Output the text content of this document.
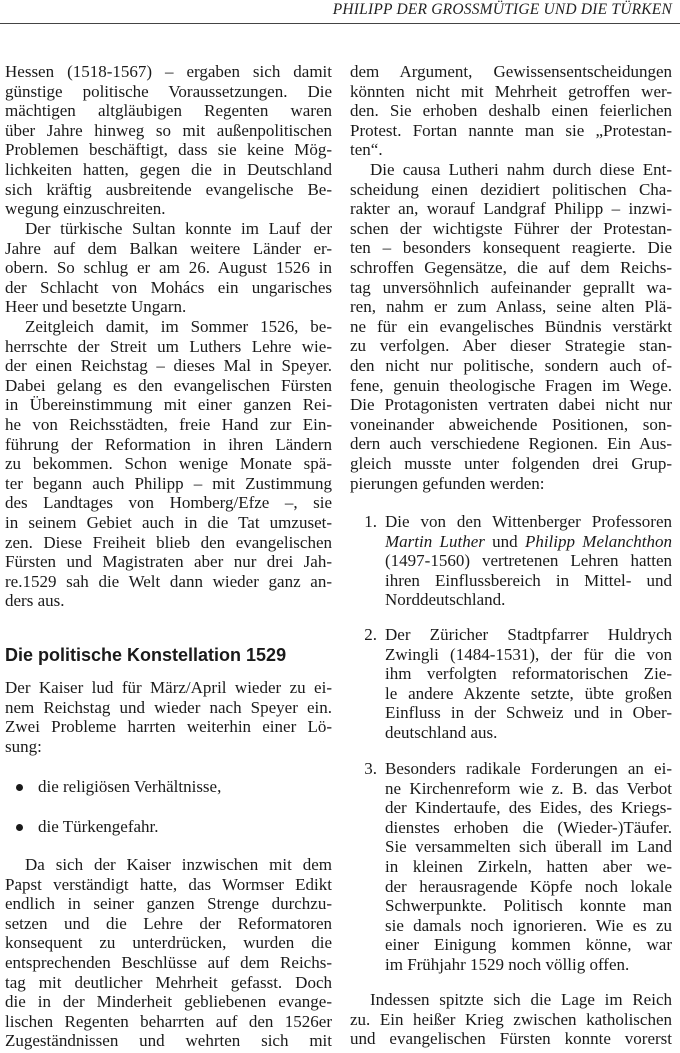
PHILIPP DER GROSSMÜTIGE UND DIE TÜRKEN
Hessen (1518-1567) – ergaben sich damit
günstige politische Voraussetzungen. Die
mächtigen altgläubigen Regenten waren
über Jahre hinweg so mit außenpolitischen
Problemen beschäftigt, dass sie keine Mög-
lichkeiten hatten, gegen die in Deutschland
sich kräftig ausbreitende evangelische Be-
wegung einzuschreiten.
Der türkische Sultan konnte im Lauf der
Jahre auf dem Balkan weitere Länder er-
obern. So schlug er am 26. August 1526 in
der Schlacht von Mohács ein ungarisches
Heer und besetzte Ungarn.
Zeitgleich damit, im Sommer 1526, be-
herrschte der Streit um Luthers Lehre wie-
der einen Reichstag – dieses Mal in Speyer.
Dabei gelang es den evangelischen Fürsten
in Übereinstimmung mit einer ganzen Rei-
he von Reichsstädten, freie Hand zur Ein-
führung der Reformation in ihren Ländern
zu bekommen. Schon wenige Monate spä-
ter begann auch Philipp – mit Zustimmung
des Landtages von Homberg/Efze –, sie
in seinem Gebiet auch in die Tat umzuset-
zen. Diese Freiheit blieb den evangelischen
Fürsten und Magistraten aber nur drei Jah-
re.1529 sah die Welt dann wieder ganz an-
ders aus.
Die politische Konstellation 1529
Der Kaiser lud für März/April wieder zu ei-
nem Reichstag und wieder nach Speyer ein.
Zwei Probleme harrten weiterhin einer Lö-
sung:
die religiösen Verhältnisse,
die Türkengefahr.
Da sich der Kaiser inzwischen mit dem
Papst verständigt hatte, das Wormser Edikt
endlich in seiner ganzen Strenge durchzu-
setzen und die Lehre der Reformatoren
konsequent zu unterdrücken, wurden die
entsprechenden Beschlüsse auf dem Reichs-
tag mit deutlicher Mehrheit gefasst. Doch
die in der Minderheit gebliebenen evange-
lischen Regenten beharrten auf den 1526er
Zugeständnissen und wehrten sich mit
dem Argument, Gewissensentscheidungen
könnten nicht mit Mehrheit getroffen wer-
den. Sie erhoben deshalb einen feierlichen
Protest. Fortan nannte man sie „Protestan-
ten“.
Die causa Lutheri nahm durch diese Ent-
scheidung einen dezidiert politischen Cha-
rakter an, worauf Landgraf Philipp – inzwi-
schen der wichtigste Führer der Protestan-
ten – besonders konsequent reagierte. Die
schroffen Gegensätze, die auf dem Reichs-
tag unversöhnlich aufeinander geprallt wa-
ren, nahm er zum Anlass, seine alten Plä-
ne für ein evangelisches Bündnis verstärkt
zu verfolgen. Aber dieser Strategie stan-
den nicht nur politische, sondern auch of-
fene, genuin theologische Fragen im Wege.
Die Protagonisten vertraten dabei nicht nur
voneinander abweichende Positionen, son-
dern auch verschiedene Regionen. Ein Aus-
gleich musste unter folgenden drei Grup-
pierungen gefunden werden:
1. Die von den Wittenberger Professoren
Martin Luther und Philipp Melanchthon
(1497-1560) vertretenen Lehren hatten
ihren Einflussbereich in Mittel- und
Norddeutschland.
2. Der Züricher Stadtpfarrer Huldrych
Zwingli (1484-1531), der für die von
ihm verfolgten reformatorischen Zie-
le andere Akzente setzte, übte großen
Einfluss in der Schweiz und in Ober-
deutschland aus.
3. Besonders radikale Forderungen an ei-
ne Kirchenreform wie z. B. das Verbot
der Kindertaufe, des Eides, des Kriegs-
dienstes erhoben die (Wieder-)Täufer.
Sie versammelten sich überall im Land
in kleinen Zirkeln, hatten aber we-
der herausragende Köpfe noch lokale
Schwerpunkte. Politisch konnte man
sie damals noch ignorieren. Wie es zu
einer Einigung kommen könne, war
im Frühjahr 1529 noch völlig offen.
Indessen spitzte sich die Lage im Reich
zu. Ein heißer Krieg zwischen katholischen
und evangelischen Fürsten konnte vorerst
